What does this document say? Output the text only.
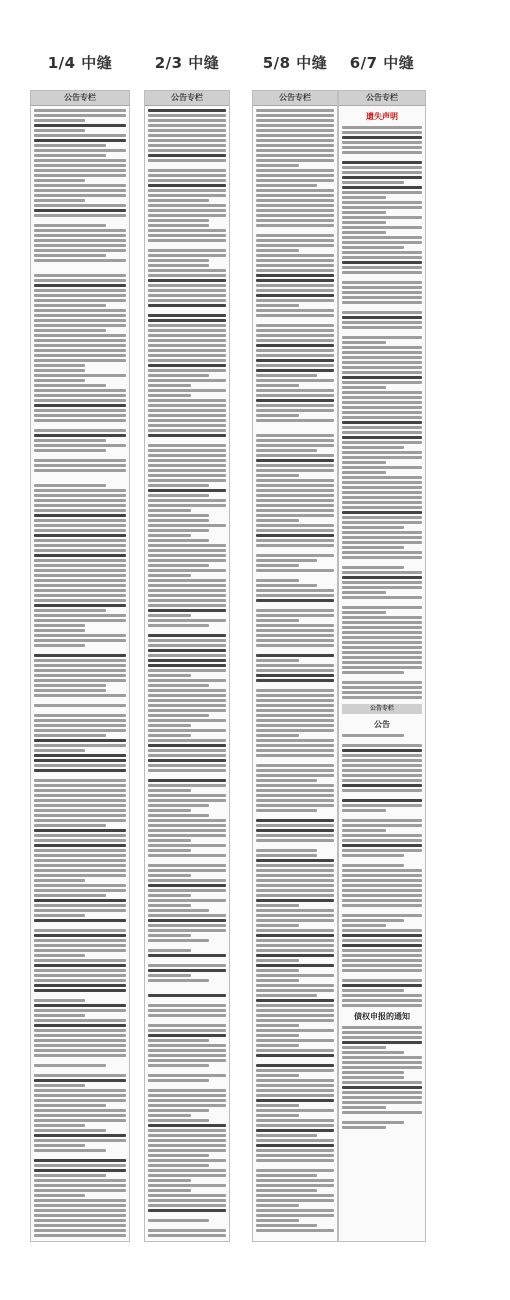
1/4 中缝
公告专栏
2/3 中缝
公告专栏
5/8 中缝
公告专栏
6/7 中缝
公告专栏
遗失声明
公告专栏
公告
债权申报的通知
